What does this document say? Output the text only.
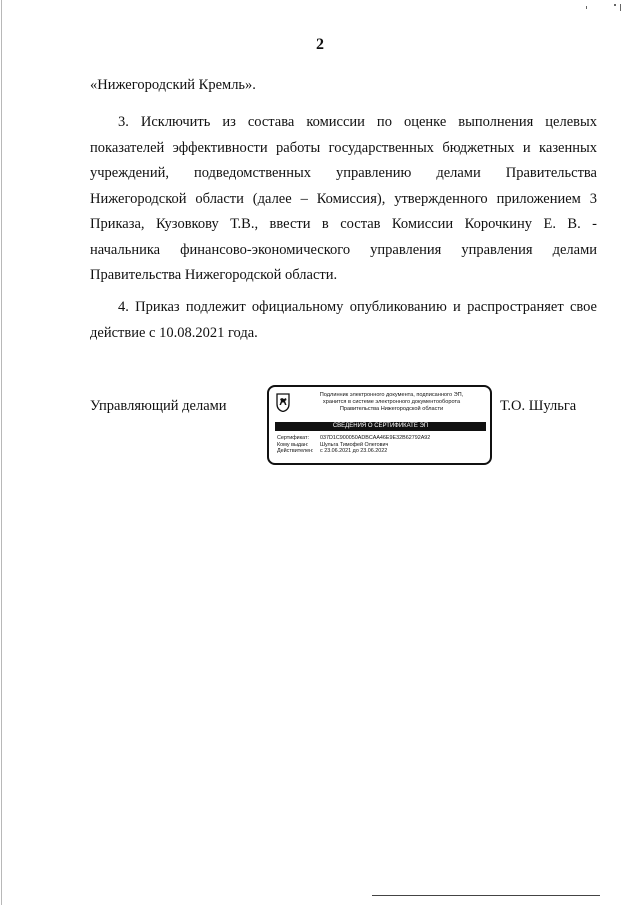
2
«Нижегородский Кремль».
3. Исключить из состава комиссии по оценке выполнения целевых
показателей эффективности работы государственных бюджетных и казенных
учреждений, подведомственных управлению делами Правительства
Нижегородской области (далее – Комиссия), утвержденного приложением 3
Приказа, Кузовкову Т.В., ввести в состав Комиссии Корочкину Е. В. -
начальника финансово-экономического управления управления делами
Правительства Нижегородской области.
4. Приказ подлежит официальному опубликованию и распространяет свое
действие с 10.08.2021 года.
Управляющий делами
Подлинник электронного документа, подписанного ЭП,
хранится в системе электронного документооборота
Правительства Нижегородской области
СВЕДЕНИЯ О СЕРТИФИКАТЕ ЭП
Сертификат: 037D1C900050ADBCAA46E9E32B62792A92
Кому выдан: Шульга Тимофей Олегович
Действителен: с 23.06.2021 до 23.06.2022
Т.О. Шульга
